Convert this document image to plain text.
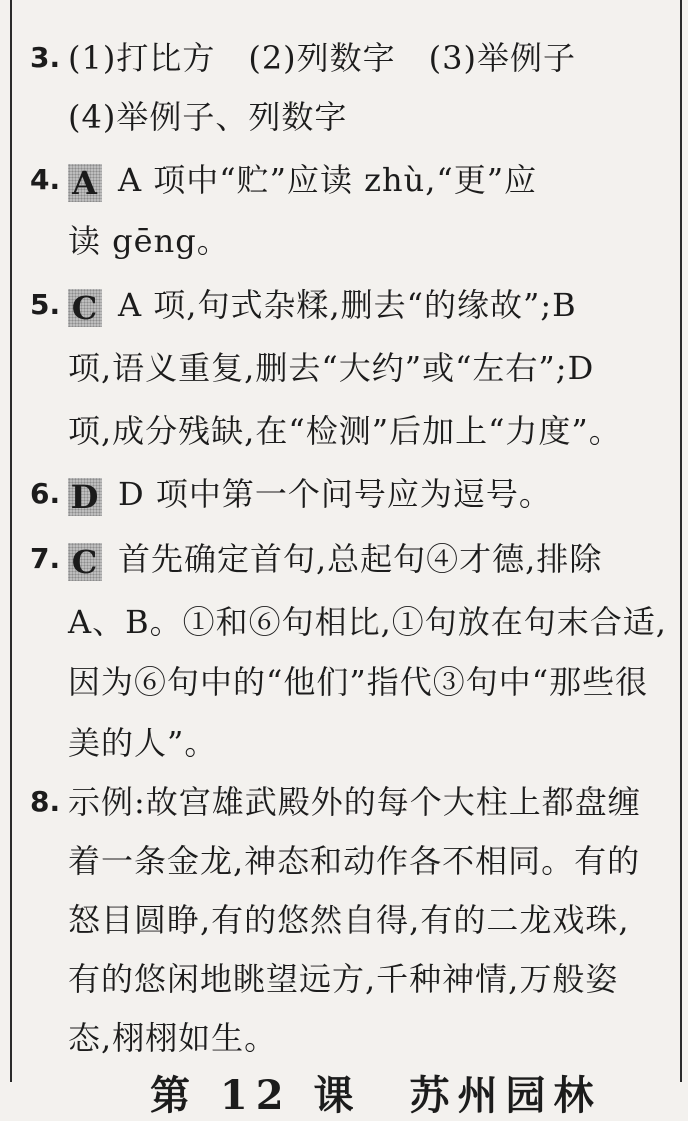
3. (1)打比方　(2)列数字　(3)举例子
(4)举例子、列数字
4. A A 项中“贮”应读 zhù,“更”应
读 gēng。
5. C A 项,句式杂糅,删去“的缘故”;B
项,语义重复,删去“大约”或“左右”;D
项,成分残缺,在“检测”后加上“力度”。
6. D D 项中第一个问号应为逗号。
7. C 首先确定首句,总起句④才德,排除
A、B。①和⑥句相比,①句放在句末合适,
因为⑥句中的“他们”指代③句中“那些很
美的人”。
8. 示例:故宫雄武殿外的每个大柱上都盘缠
着一条金龙,神态和动作各不相同。有的
怒目圆睁,有的悠然自得,有的二龙戏珠,
有的悠闲地眺望远方,千种神情,万般姿
态,栩栩如生。
第 12 课　苏州园林
